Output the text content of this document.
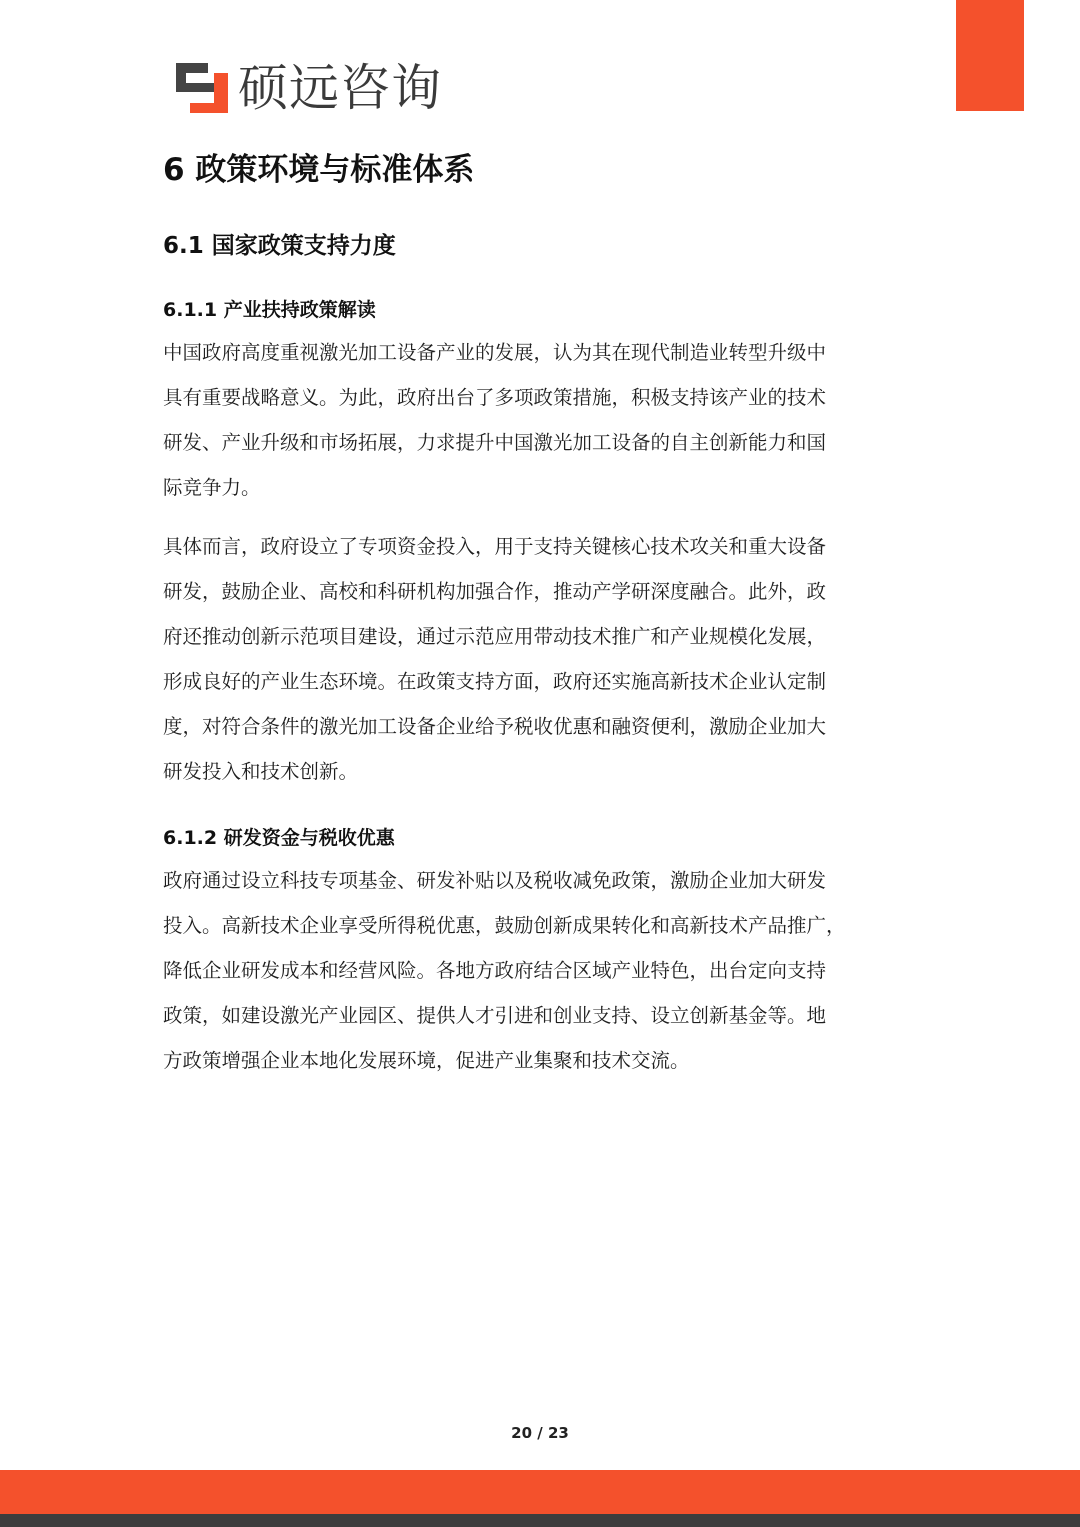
硕远咨询
6 政策环境与标准体系
6.1 国家政策支持力度
6.1.1 产业扶持政策解读
中国政府高度重视激光加工设备产业的发展，认为其在现代制造业转型升级中
具有重要战略意义。为此，政府出台了多项政策措施，积极支持该产业的技术
研发、产业升级和市场拓展，力求提升中国激光加工设备的自主创新能力和国
际竞争力。
具体而言，政府设立了专项资金投入，用于支持关键核心技术攻关和重大设备
研发，鼓励企业、高校和科研机构加强合作，推动产学研深度融合。此外，政
府还推动创新示范项目建设，通过示范应用带动技术推广和产业规模化发展，
形成良好的产业生态环境。在政策支持方面，政府还实施高新技术企业认定制
度，对符合条件的激光加工设备企业给予税收优惠和融资便利，激励企业加大
研发投入和技术创新。
6.1.2 研发资金与税收优惠
政府通过设立科技专项基金、研发补贴以及税收减免政策，激励企业加大研发
投入。高新技术企业享受所得税优惠，鼓励创新成果转化和高新技术产品推广，
降低企业研发成本和经营风险。各地方政府结合区域产业特色，出台定向支持
政策，如建设激光产业园区、提供人才引进和创业支持、设立创新基金等。地
方政策增强企业本地化发展环境，促进产业集聚和技术交流。
20 / 23
